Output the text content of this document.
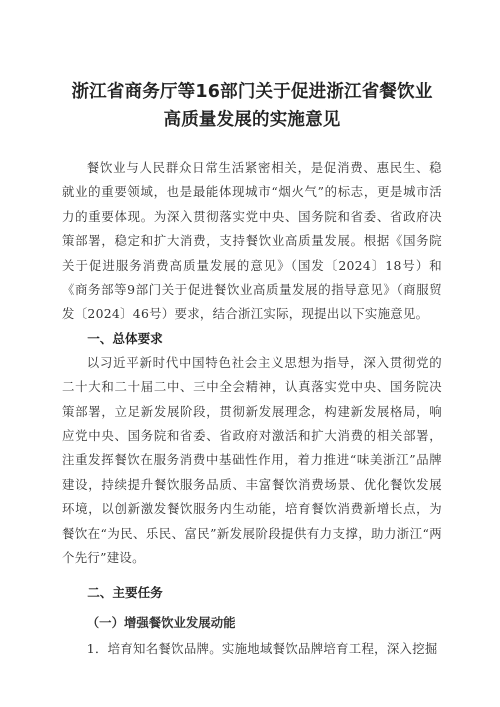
浙江省商务厅等16部门关于促进浙江省餐饮业
高质量发展的实施意见

餐饮业与人民群众日常生活紧密相关，是促消费、惠民生、稳就业的重要领域，也是最能体现城市“烟火气”的标志，更是城市活力的重要体现。为深入贯彻落实党中央、国务院和省委、省政府决策部署，稳定和扩大消费，支持餐饮业高质量发展。根据《国务院关于促进服务消费高质量发展的意见》（国发〔2024〕18号）和《商务部等9部门关于促进餐饮业高质量发展的指导意见》（商服贸发〔2024〕46号）要求，结合浙江实际，现提出以下实施意见。

一、总体要求

以习近平新时代中国特色社会主义思想为指导，深入贯彻党的二十大和二十届二中、三中全会精神，认真落实党中央、国务院决策部署，立足新发展阶段，贯彻新发展理念，构建新发展格局，响应党中央、国务院和省委、省政府对激活和扩大消费的相关部署，注重发挥餐饮在服务消费中基础性作用，着力推进“味美浙江”品牌建设，持续提升餐饮服务品质、丰富餐饮消费场景、优化餐饮发展环境，以创新激发餐饮服务内生动能，培育餐饮消费新增长点，为餐饮在“为民、乐民、富民”新发展阶段提供有力支撑，助力浙江“两个先行”建设。

二、主要任务
（一）增强餐饮业发展动能

1．培育知名餐饮品牌。实施地域餐饮品牌培育工程，深入挖掘
